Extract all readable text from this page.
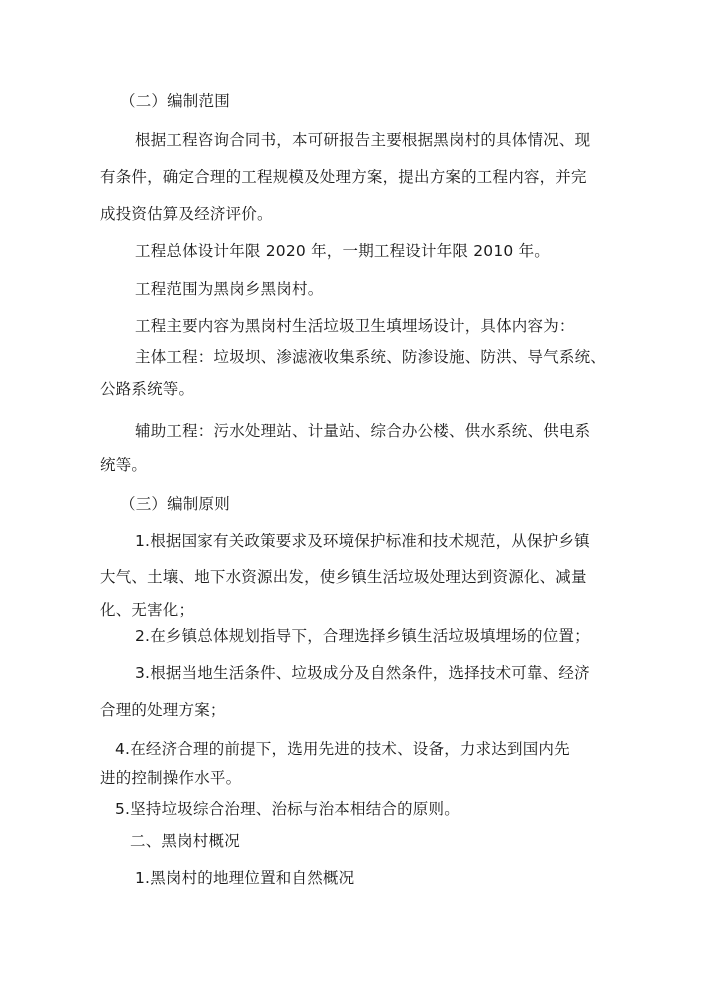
（二）编制范围
根据工程咨询合同书，本可研报告主要根据黑岗村的具体情况、现
有条件，确定合理的工程规模及处理方案，提出方案的工程内容，并完
成投资估算及经济评价。
工程总体设计年限 2020 年，一期工程设计年限 2010 年。
工程范围为黑岗乡黑岗村。
工程主要内容为黑岗村生活垃圾卫生填埋场设计，具体内容为：
主体工程：垃圾坝、渗滤液收集系统、防渗设施、防洪、导气系统、
公路系统等。
辅助工程：污水处理站、计量站、综合办公楼、供水系统、供电系
统等。
（三）编制原则
1.根据国家有关政策要求及环境保护标准和技术规范，从保护乡镇
大气、土壤、地下水资源出发，使乡镇生活垃圾处理达到资源化、减量
化、无害化；
2.在乡镇总体规划指导下，合理选择乡镇生活垃圾填埋场的位置；
3.根据当地生活条件、垃圾成分及自然条件，选择技术可靠、经济
合理的处理方案；
4.在经济合理的前提下，选用先进的技术、设备，力求达到国内先
进的控制操作水平。
5.坚持垃圾综合治理、治标与治本相结合的原则。
二、黑岗村概况
1.黑岗村的地理位置和自然概况
